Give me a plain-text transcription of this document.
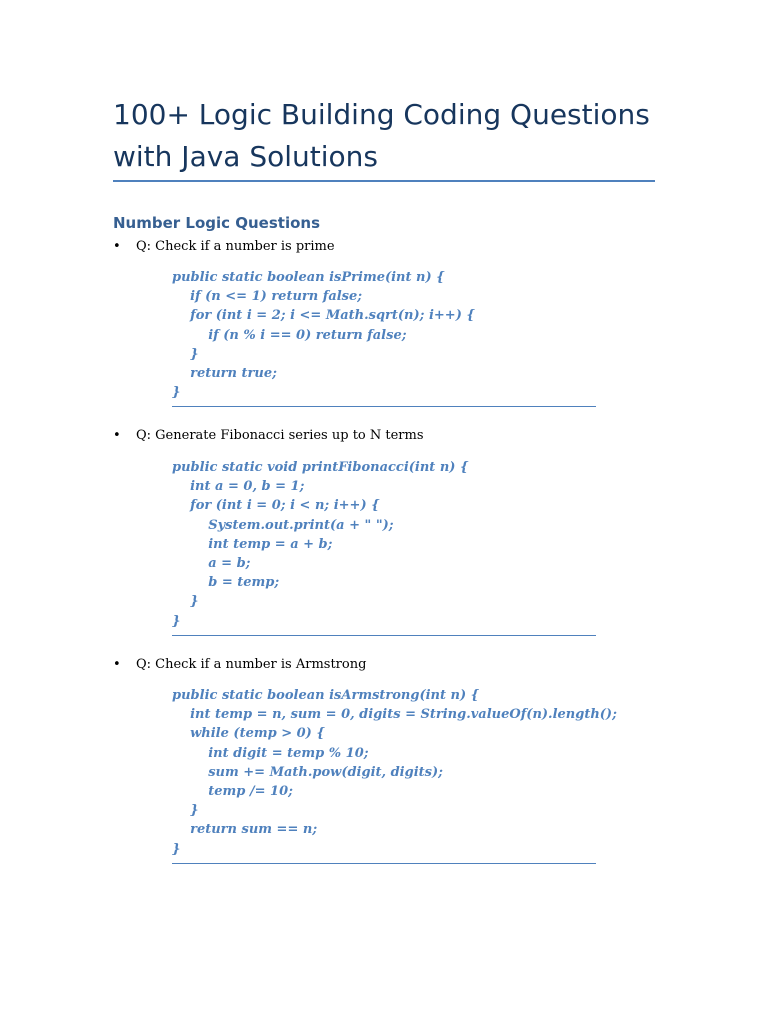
100+ Logic Building Coding Questions with Java Solutions
Number Logic Questions
• Q: Check if a number is prime
public static boolean isPrime(int n) {
if (n <= 1) return false;
for (int i = 2; i <= Math.sqrt(n); i++) {
if (n % i == 0) return false;
}
return true;
}
• Q: Generate Fibonacci series up to N terms
public static void printFibonacci(int n) {
int a = 0, b = 1;
for (int i = 0; i < n; i++) {
System.out.print(a + " ");
int temp = a + b;
a = b;
b = temp;
}
}
• Q: Check if a number is Armstrong
public static boolean isArmstrong(int n) {
int temp = n, sum = 0, digits = String.valueOf(n).length();
while (temp > 0) {
int digit = temp % 10;
sum += Math.pow(digit, digits);
temp /= 10;
}
return sum == n;
}
